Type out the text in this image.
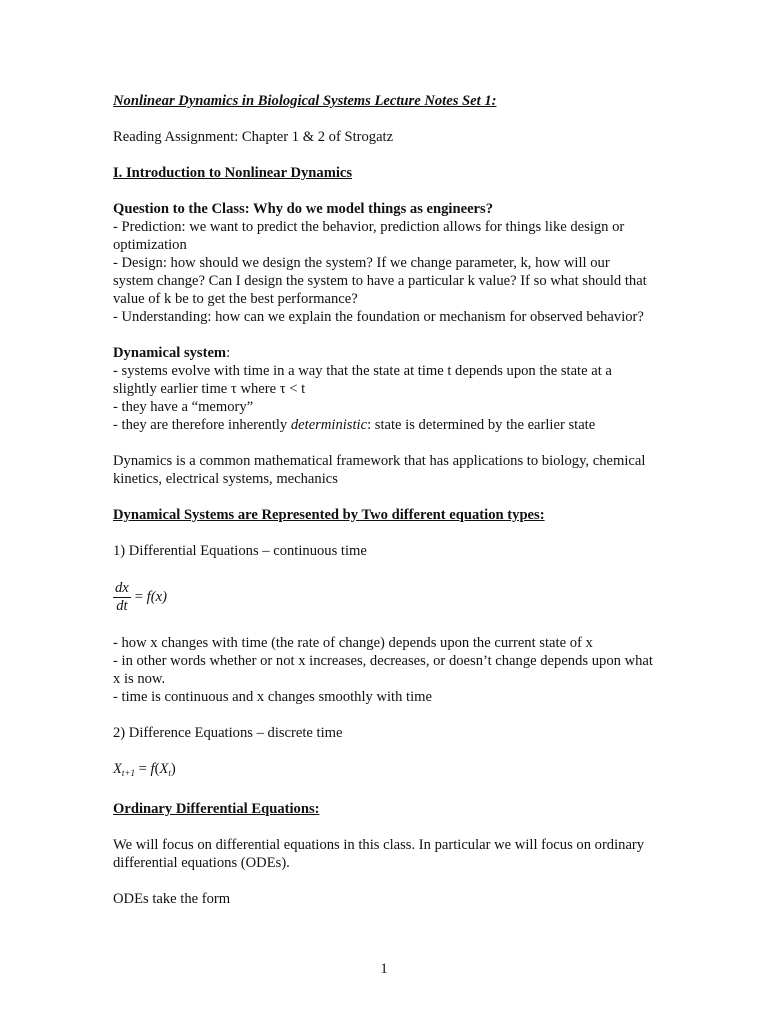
Nonlinear Dynamics in Biological Systems Lecture Notes Set 1:

Reading Assignment: Chapter 1 & 2 of Strogatz

I. Introduction to Nonlinear Dynamics

Question to the Class: Why do we model things as engineers?

- Prediction: we want to predict the behavior, prediction allows for things like design or optimization

- Design: how should we design the system? If we change parameter, k, how will our system change? Can I design the system to have a particular k value? If so what should that value of k be to get the best performance?

- Understanding: how can we explain the foundation or mechanism for observed behavior?

Dynamical system:

- systems evolve with time in a way that the state at time t depends upon the state at a slightly earlier time τ where τ < t

- they have a “memory”

- they are therefore inherently deterministic: state is determined by the earlier state

Dynamics is a common mathematical framework that has applications to biology, chemical kinetics, electrical systems, mechanics

Dynamical Systems are Represented by Two different equation types:

1) Differential Equations – continuous time

$\frac{dx}{dt} = f(x)$

- how x changes with time (the rate of change) depends upon the current state of x

- in other words whether or not x increases, decreases, or doesn’t change depends upon what x is now.

- time is continuous and x changes smoothly with time

2) Difference Equations – discrete time

$X_{t+1} = f(X_t)$

Ordinary Differential Equations:

We will focus on differential equations in this class. In particular we will focus on ordinary differential equations (ODEs).

ODEs take the form

1
